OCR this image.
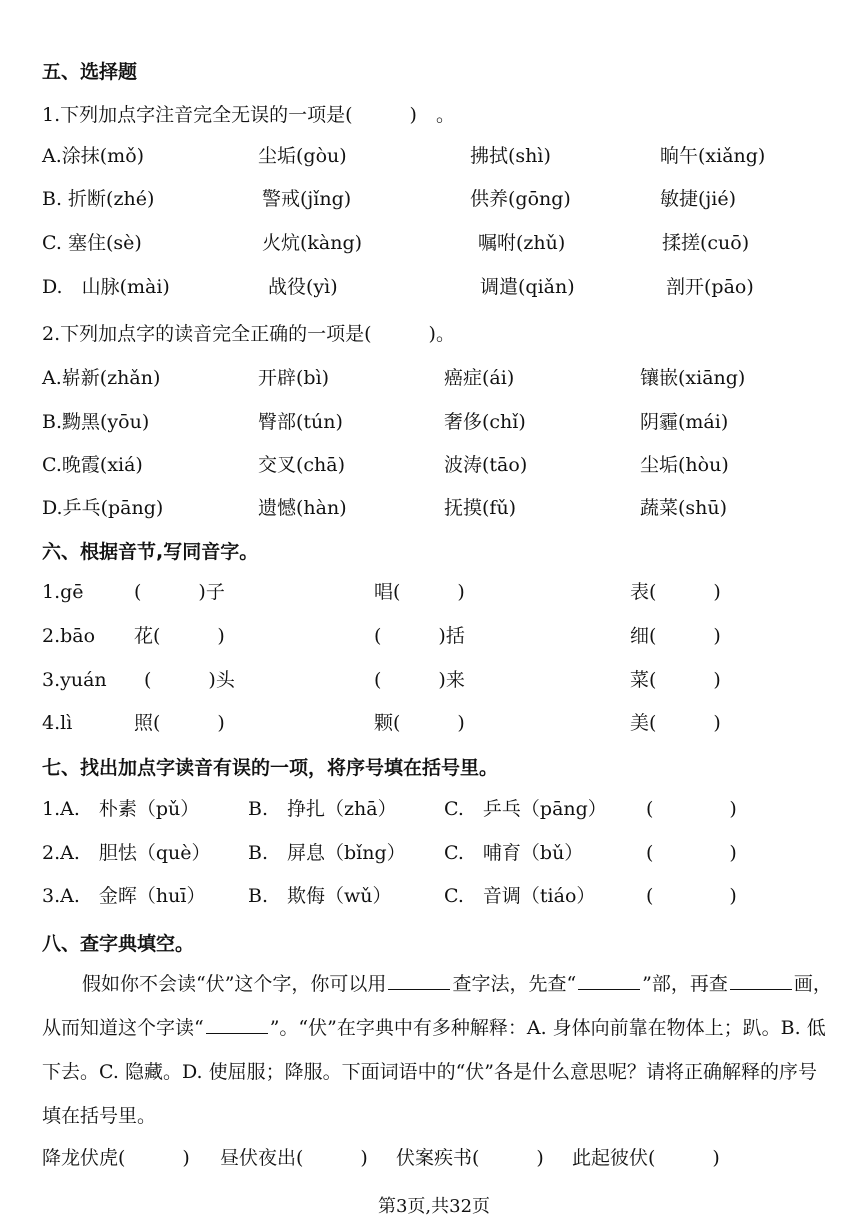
五、选择题
1.下列加点字注音完全无误的一项是(　　　)　。
A.涂抹(mǒ)	尘垢(gòu)	拂拭(shì)	晌午(xiǎng)
B. 折断(zhé)	警戒(jǐng)	供养(gōng)	敏捷(jié)
C. 塞住(sè)	火炕(kàng)	嘱咐(zhǔ)	揉搓(cuō)
D.　山脉(mài)	战役(yì)	调遣(qiǎn)	剖开(pāo)
2.下列加点字的读音完全正确的一项是(　　　)。
A.崭新(zhǎn)	开辟(bì)	癌症(ái)	镶嵌(xiāng)
B.黝黑(yōu)	臀部(tún)	奢侈(chǐ)	阴霾(mái)
C.晚霞(xiá)	交叉(chā)	波涛(tāo)	尘垢(hòu)
D.乒乓(pāng)	遗憾(hàn)	抚摸(fǔ)	蔬菜(shū)
六、根据音节,写同音字。
1.gē	(　　　)子	唱(　　　)	表(　　　)
2.bāo 花(　　　)	(　　　)括	细(　　　)
3.yuán (　　　)头	(　　　)来	菜(　　　)
4.lì	照(　　　)	颗(　　　)	美(　　　)
七、找出加点字读音有误的一项，将序号填在括号里。
1.A.　朴素（pǔ）	B.　挣扎（zhā） C.　乒乓（pāng） (　　　　)
2.A.　胆怯（què） B.　屏息（bǐng） C.　哺育（bǔ）	(　　　　)
3.A.　金晖（huī） B.　欺侮（wǔ）	C.　音调（tiáo）	(　　　　)
八、查字典填空。
假如你不会读“伏”这个字，你可以用	查字法，先查“	”部，再查	画，从而知道这个字读“	”。“伏”在字典中有多种解释：A. 身体向前靠在物体上；趴。B. 低下去。C. 隐藏。D. 使屈服；降服。下面词语中的“伏”各是什么意思呢？请将正确解释的序号填在括号里。
降龙伏虎(　　　) 昼伏夜出(　　　) 伏案疾书(　　　) 此起彼伏(　　　)
第3页,共32页
